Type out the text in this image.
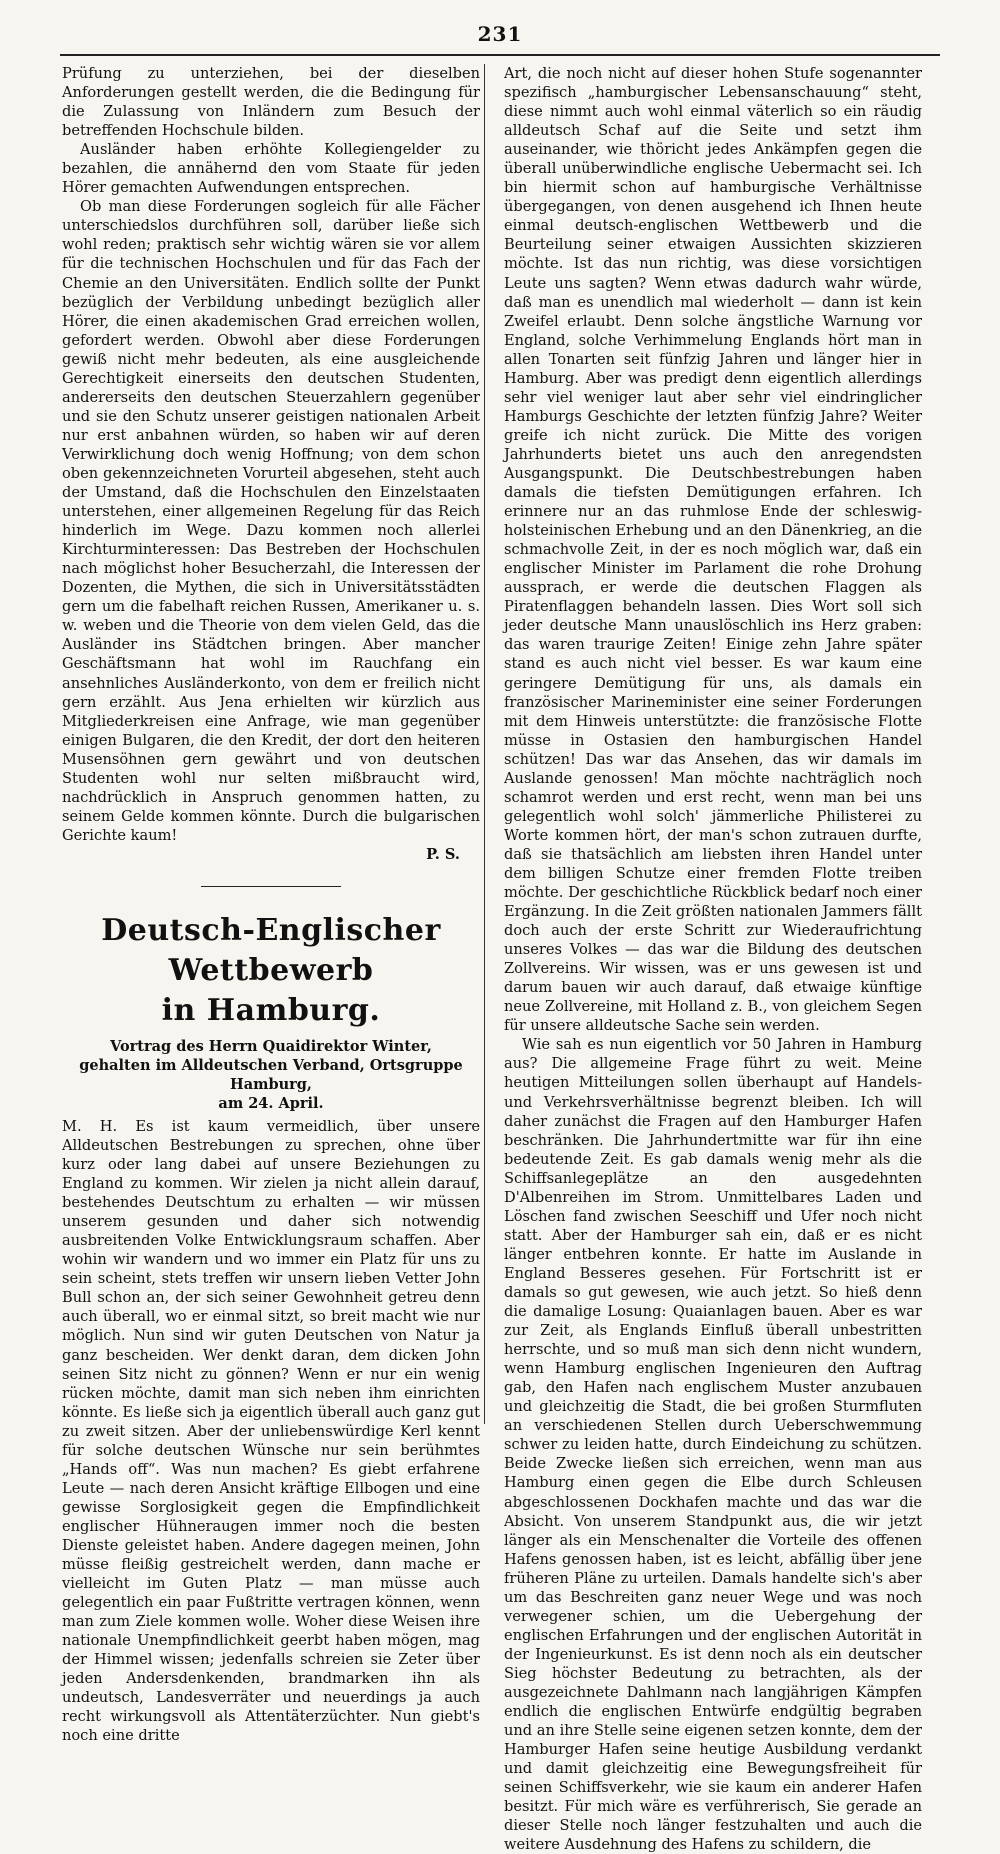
231

Prüfung zu unterziehen, bei der dieselben Anforderungen gestellt werden, die die Bedingung für die Zulassung von Inländern zum Besuch der betreffenden Hochschule bilden.

Ausländer haben erhöhte Kollegiengelder zu bezahlen, die annähernd den vom Staate für jeden Hörer gemachten Aufwendungen entsprechen.

Ob man diese Forderungen sogleich für alle Fächer unterschiedslos durchführen soll, darüber ließe sich wohl reden; praktisch sehr wichtig wären sie vor allem für die technischen Hochschulen und für das Fach der Chemie an den Universitäten. Endlich sollte der Punkt bezüglich der Verbildung unbedingt bezüglich aller Hörer, die einen akademischen Grad erreichen wollen, gefordert werden. Obwohl aber diese Forderungen gewiß nicht mehr bedeuten, als eine ausgleichende Gerechtigkeit einerseits den deutschen Studenten, andererseits den deutschen Steuerzahlern gegenüber und sie den Schutz unserer geistigen nationalen Arbeit nur erst anbahnen würden, so haben wir auf deren Verwirklichung doch wenig Hoffnung; von dem schon oben gekennzeichneten Vorurteil abgesehen, steht auch der Umstand, daß die Hochschulen den Einzelstaaten unterstehen, einer allgemeinen Regelung für das Reich hinderlich im Wege. Dazu kommen noch allerlei Kirchturminteressen: Das Bestreben der Hochschulen nach möglichst hoher Besucherzahl, die Interessen der Dozenten, die Mythen, die sich in Universitätsstädten gern um die fabelhaft reichen Russen, Amerikaner u. s. w. weben und die Theorie von dem vielen Geld, das die Ausländer ins Städtchen bringen. Aber mancher Geschäftsmann hat wohl im Rauchfang ein ansehnliches Ausländerkonto, von dem er freilich nicht gern erzählt. Aus Jena erhielten wir kürzlich aus Mitgliederkreisen eine Anfrage, wie man gegenüber einigen Bulgaren, die den Kredit, der dort den heiteren Musensöhnen gern gewährt und von deutschen Studenten wohl nur selten mißbraucht wird, nachdrücklich in Anspruch genommen hatten, zu seinem Gelde kommen könnte. Durch die bulgarischen Gerichte kaum!

P. S.

Deutsch-Englischer Wettbewerb
in Hamburg.
Vortrag des Herrn Quaidirektor Winter,
gehalten im Alldeutschen Verband, Ortsgruppe Hamburg,
am 24. April.

M. H. Es ist kaum vermeidlich, über unsere Alldeutschen Bestrebungen zu sprechen, ohne über kurz oder lang dabei auf unsere Beziehungen zu England zu kommen. Wir zielen ja nicht allein darauf, bestehendes Deutschtum zu erhalten — wir müssen unserem gesunden und daher sich notwendig ausbreitenden Volke Entwicklungsraum schaffen. Aber wohin wir wandern und wo immer ein Platz für uns zu sein scheint, stets treffen wir unsern lieben Vetter John Bull schon an, der sich seiner Gewohnheit getreu denn auch überall, wo er einmal sitzt, so breit macht wie nur möglich. Nun sind wir guten Deutschen von Natur ja ganz bescheiden. Wer denkt daran, dem dicken John seinen Sitz nicht zu gönnen? Wenn er nur ein wenig rücken möchte, damit man sich neben ihm einrichten könnte. Es ließe sich ja eigentlich überall auch ganz gut zu zweit sitzen. Aber der unliebenswürdige Kerl kennt für solche deutschen Wünsche nur sein berühmtes „Hands off“. Was nun machen? Es giebt erfahrene Leute — nach deren Ansicht kräftige Ellbogen und eine gewisse Sorglosigkeit gegen die Empfindlichkeit englischer Hühneraugen immer noch die besten Dienste geleistet haben. Andere dagegen meinen, John müsse fleißig gestreichelt werden, dann mache er vielleicht im Guten Platz — man müsse auch gelegentlich ein paar Fußtritte vertragen können, wenn man zum Ziele kommen wolle. Woher diese Weisen ihre nationale Unempfindlichkeit geerbt haben mögen, mag der Himmel wissen; jedenfalls schreien sie Zeter über jeden Andersdenkenden, brandmarken ihn als undeutsch, Landesverräter und neuerdings ja auch recht wirkungsvoll als Attentäterzüchter. Nun giebt's noch eine dritte

Art, die noch nicht auf dieser hohen Stufe sogenannter spezifisch „hamburgischer Lebensanschauung“ steht, diese nimmt auch wohl einmal väterlich so ein räudig alldeutsch Schaf auf die Seite und setzt ihm auseinander, wie thöricht jedes Ankämpfen gegen die überall unüberwindliche englische Uebermacht sei. Ich bin hiermit schon auf hamburgische Verhältnisse übergegangen, von denen ausgehend ich Ihnen heute einmal deutsch-englischen Wettbewerb und die Beurteilung seiner etwaigen Aussichten skizzieren möchte. Ist das nun richtig, was diese vorsichtigen Leute uns sagten? Wenn etwas dadurch wahr würde, daß man es unendlich mal wiederholt — dann ist kein Zweifel erlaubt. Denn solche ängstliche Warnung vor England, solche Verhimmelung Englands hört man in allen Tonarten seit fünfzig Jahren und länger hier in Hamburg. Aber was predigt denn eigentlich allerdings sehr viel weniger laut aber sehr viel eindringlicher Hamburgs Geschichte der letzten fünfzig Jahre? Weiter greife ich nicht zurück. Die Mitte des vorigen Jahrhunderts bietet uns auch den anregendsten Ausgangspunkt. Die Deutschbestrebungen haben damals die tiefsten Demütigungen erfahren. Ich erinnere nur an das ruhmlose Ende der schleswig-holsteinischen Erhebung und an den Dänenkrieg, an die schmachvolle Zeit, in der es noch möglich war, daß ein englischer Minister im Parlament die rohe Drohung aussprach, er werde die deutschen Flaggen als Piratenflaggen behandeln lassen. Dies Wort soll sich jeder deutsche Mann unauslöschlich ins Herz graben: das waren traurige Zeiten! Einige zehn Jahre später stand es auch nicht viel besser. Es war kaum eine geringere Demütigung für uns, als damals ein französischer Marineminister eine seiner Forderungen mit dem Hinweis unterstützte: die französische Flotte müsse in Ostasien den hamburgischen Handel schützen! Das war das Ansehen, das wir damals im Auslande genossen! Man möchte nachträglich noch schamrot werden und erst recht, wenn man bei uns gelegentlich wohl solch' jämmerliche Philisterei zu Worte kommen hört, der man's schon zutrauen durfte, daß sie thatsächlich am liebsten ihren Handel unter dem billigen Schutze einer fremden Flotte treiben möchte. Der geschichtliche Rückblick bedarf noch einer Ergänzung. In die Zeit größten nationalen Jammers fällt doch auch der erste Schritt zur Wiederaufrichtung unseres Volkes — das war die Bildung des deutschen Zollvereins. Wir wissen, was er uns gewesen ist und darum bauen wir auch darauf, daß etwaige künftige neue Zollvereine, mit Holland z. B., von gleichem Segen für unsere alldeutsche Sache sein werden.

Wie sah es nun eigentlich vor 50 Jahren in Hamburg aus? Die allgemeine Frage führt zu weit. Meine heutigen Mitteilungen sollen überhaupt auf Handels- und Verkehrsverhältnisse begrenzt bleiben. Ich will daher zunächst die Fragen auf den Hamburger Hafen beschränken. Die Jahrhundertmitte war für ihn eine bedeutende Zeit. Es gab damals wenig mehr als die Schiffsanlegeplätze an den ausgedehnten D'Albenreihen im Strom. Unmittelbares Laden und Löschen fand zwischen Seeschiff und Ufer noch nicht statt. Aber der Hamburger sah ein, daß er es nicht länger entbehren konnte. Er hatte im Auslande in England Besseres gesehen. Für Fortschritt ist er damals so gut gewesen, wie auch jetzt. So hieß denn die damalige Losung: Quaianlagen bauen. Aber es war zur Zeit, als Englands Einfluß überall unbestritten herrschte, und so muß man sich denn nicht wundern, wenn Hamburg englischen Ingenieuren den Auftrag gab, den Hafen nach englischem Muster anzubauen und gleichzeitig die Stadt, die bei großen Sturmfluten an verschiedenen Stellen durch Ueberschwemmung schwer zu leiden hatte, durch Eindeichung zu schützen. Beide Zwecke ließen sich erreichen, wenn man aus Hamburg einen gegen die Elbe durch Schleusen abgeschlossenen Dockhafen machte und das war die Absicht. Von unserem Standpunkt aus, die wir jetzt länger als ein Menschenalter die Vorteile des offenen Hafens genossen haben, ist es leicht, abfällig über jene früheren Pläne zu urteilen. Damals handelte sich's aber um das Beschreiten ganz neuer Wege und was noch verwegener schien, um die Uebergehung der englischen Erfahrungen und der englischen Autorität in der Ingenieurkunst. Es ist denn noch als ein deutscher Sieg höchster Bedeutung zu betrachten, als der ausgezeichnete Dahlmann nach langjährigen Kämpfen endlich die englischen Entwürfe endgültig begraben und an ihre Stelle seine eigenen setzen konnte, dem der Hamburger Hafen seine heutige Ausbildung verdankt und damit gleichzeitig eine Bewegungsfreiheit für seinen Schiffsverkehr, wie sie kaum ein anderer Hafen besitzt. Für mich wäre es verführerisch, Sie gerade an dieser Stelle noch länger festzuhalten und auch die weitere Ausdehnung des Hafens zu schildern, die
